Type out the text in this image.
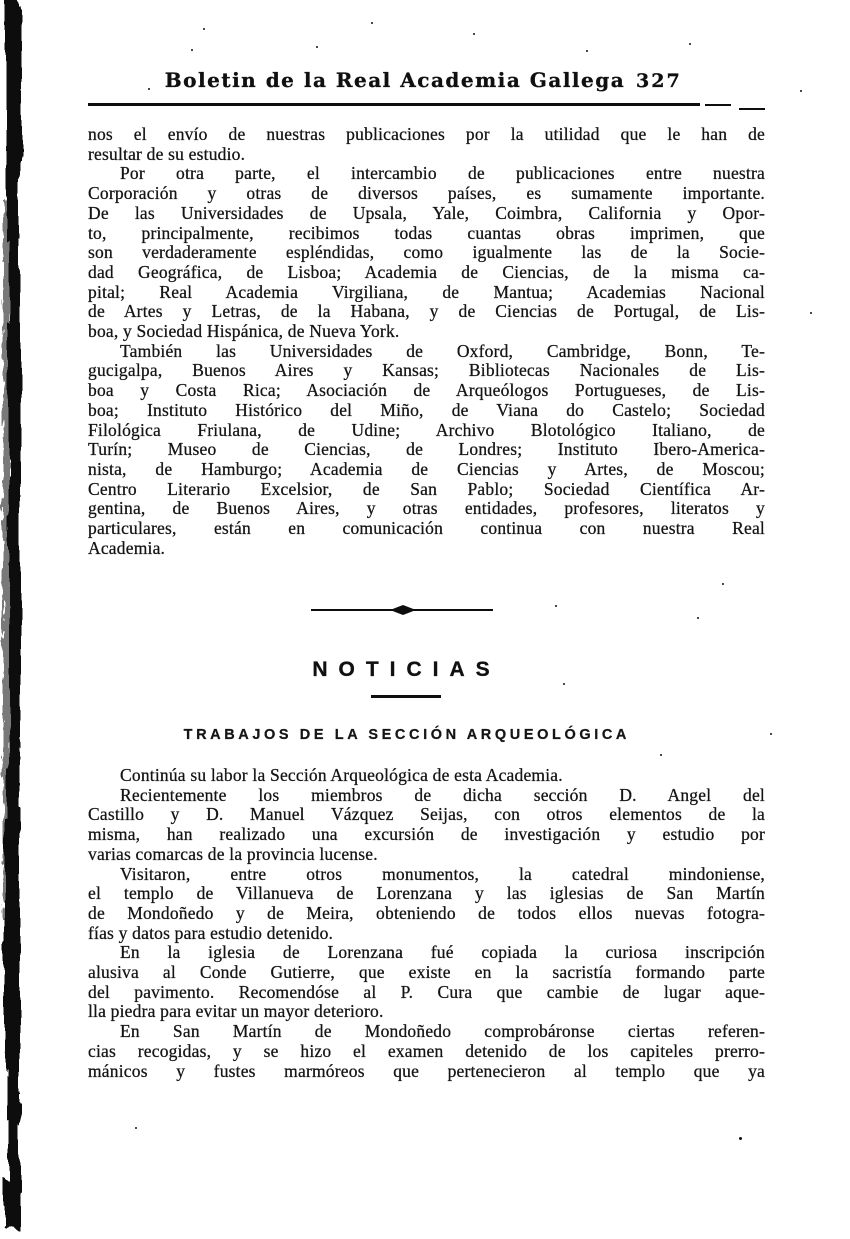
Boletin de la Real Academia Gallega 327
nos el envío de nuestras publicaciones por la utilidad que le han de
resultar de su estudio.
Por otra parte, el intercambio de publicaciones entre nuestra
Corporación y otras de diversos países, es sumamente importante.
De las Universidades de Upsala, Yale, Coimbra, California y Opor-
to, principalmente, recibimos todas cuantas obras imprimen, que
son verdaderamente espléndidas, como igualmente las de la Socie-
dad Geográfica, de Lisboa; Academia de Ciencias, de la misma ca-
pital; Real Academia Virgiliana, de Mantua; Academias Nacional
de Artes y Letras, de la Habana, y de Ciencias de Portugal, de Lis-
boa, y Sociedad Hispánica, de Nueva York.
También las Universidades de Oxford, Cambridge, Bonn, Te-
gucigalpa, Buenos Aires y Kansas; Bibliotecas Nacionales de Lis-
boa y Costa Rica; Asociación de Arqueólogos Portugueses, de Lis-
boa; Instituto Histórico del Miño, de Viana do Castelo; Sociedad
Filológica Friulana, de Udine; Archivo Blotológico Italiano, de
Turín; Museo de Ciencias, de Londres; Instituto Ibero-America-
nista, de Hamburgo; Academia de Ciencias y Artes, de Moscou;
Centro Literario Excelsior, de San Pablo; Sociedad Científica Ar-
gentina, de Buenos Aires, y otras entidades, profesores, literatos y
particulares, están en comunicación continua con nuestra Real
Academia.
NOTICIAS
TRABAJOS DE LA SECCIÓN ARQUEOLÓGICA
Continúa su labor la Sección Arqueológica de esta Academia.
Recientemente los miembros de dicha sección D. Angel del
Castillo y D. Manuel Vázquez Seijas, con otros elementos de la
misma, han realizado una excursión de investigación y estudio por
varias comarcas de la provincia lucense.
Visitaron, entre otros monumentos, la catedral mindoniense,
el templo de Villanueva de Lorenzana y las iglesias de San Martín
de Mondoñedo y de Meira, obteniendo de todos ellos nuevas fotogra-
fías y datos para estudio detenido.
En la iglesia de Lorenzana fué copiada la curiosa inscripción
alusiva al Conde Gutierre, que existe en la sacristía formando parte
del pavimento. Recomendóse al P. Cura que cambie de lugar aque-
lla piedra para evitar un mayor deterioro.
En San Martín de Mondoñedo comprobáronse ciertas referen-
cias recogidas, y se hizo el examen detenido de los capiteles prerro-
mánicos y fustes marmóreos que pertenecieron al templo que ya
